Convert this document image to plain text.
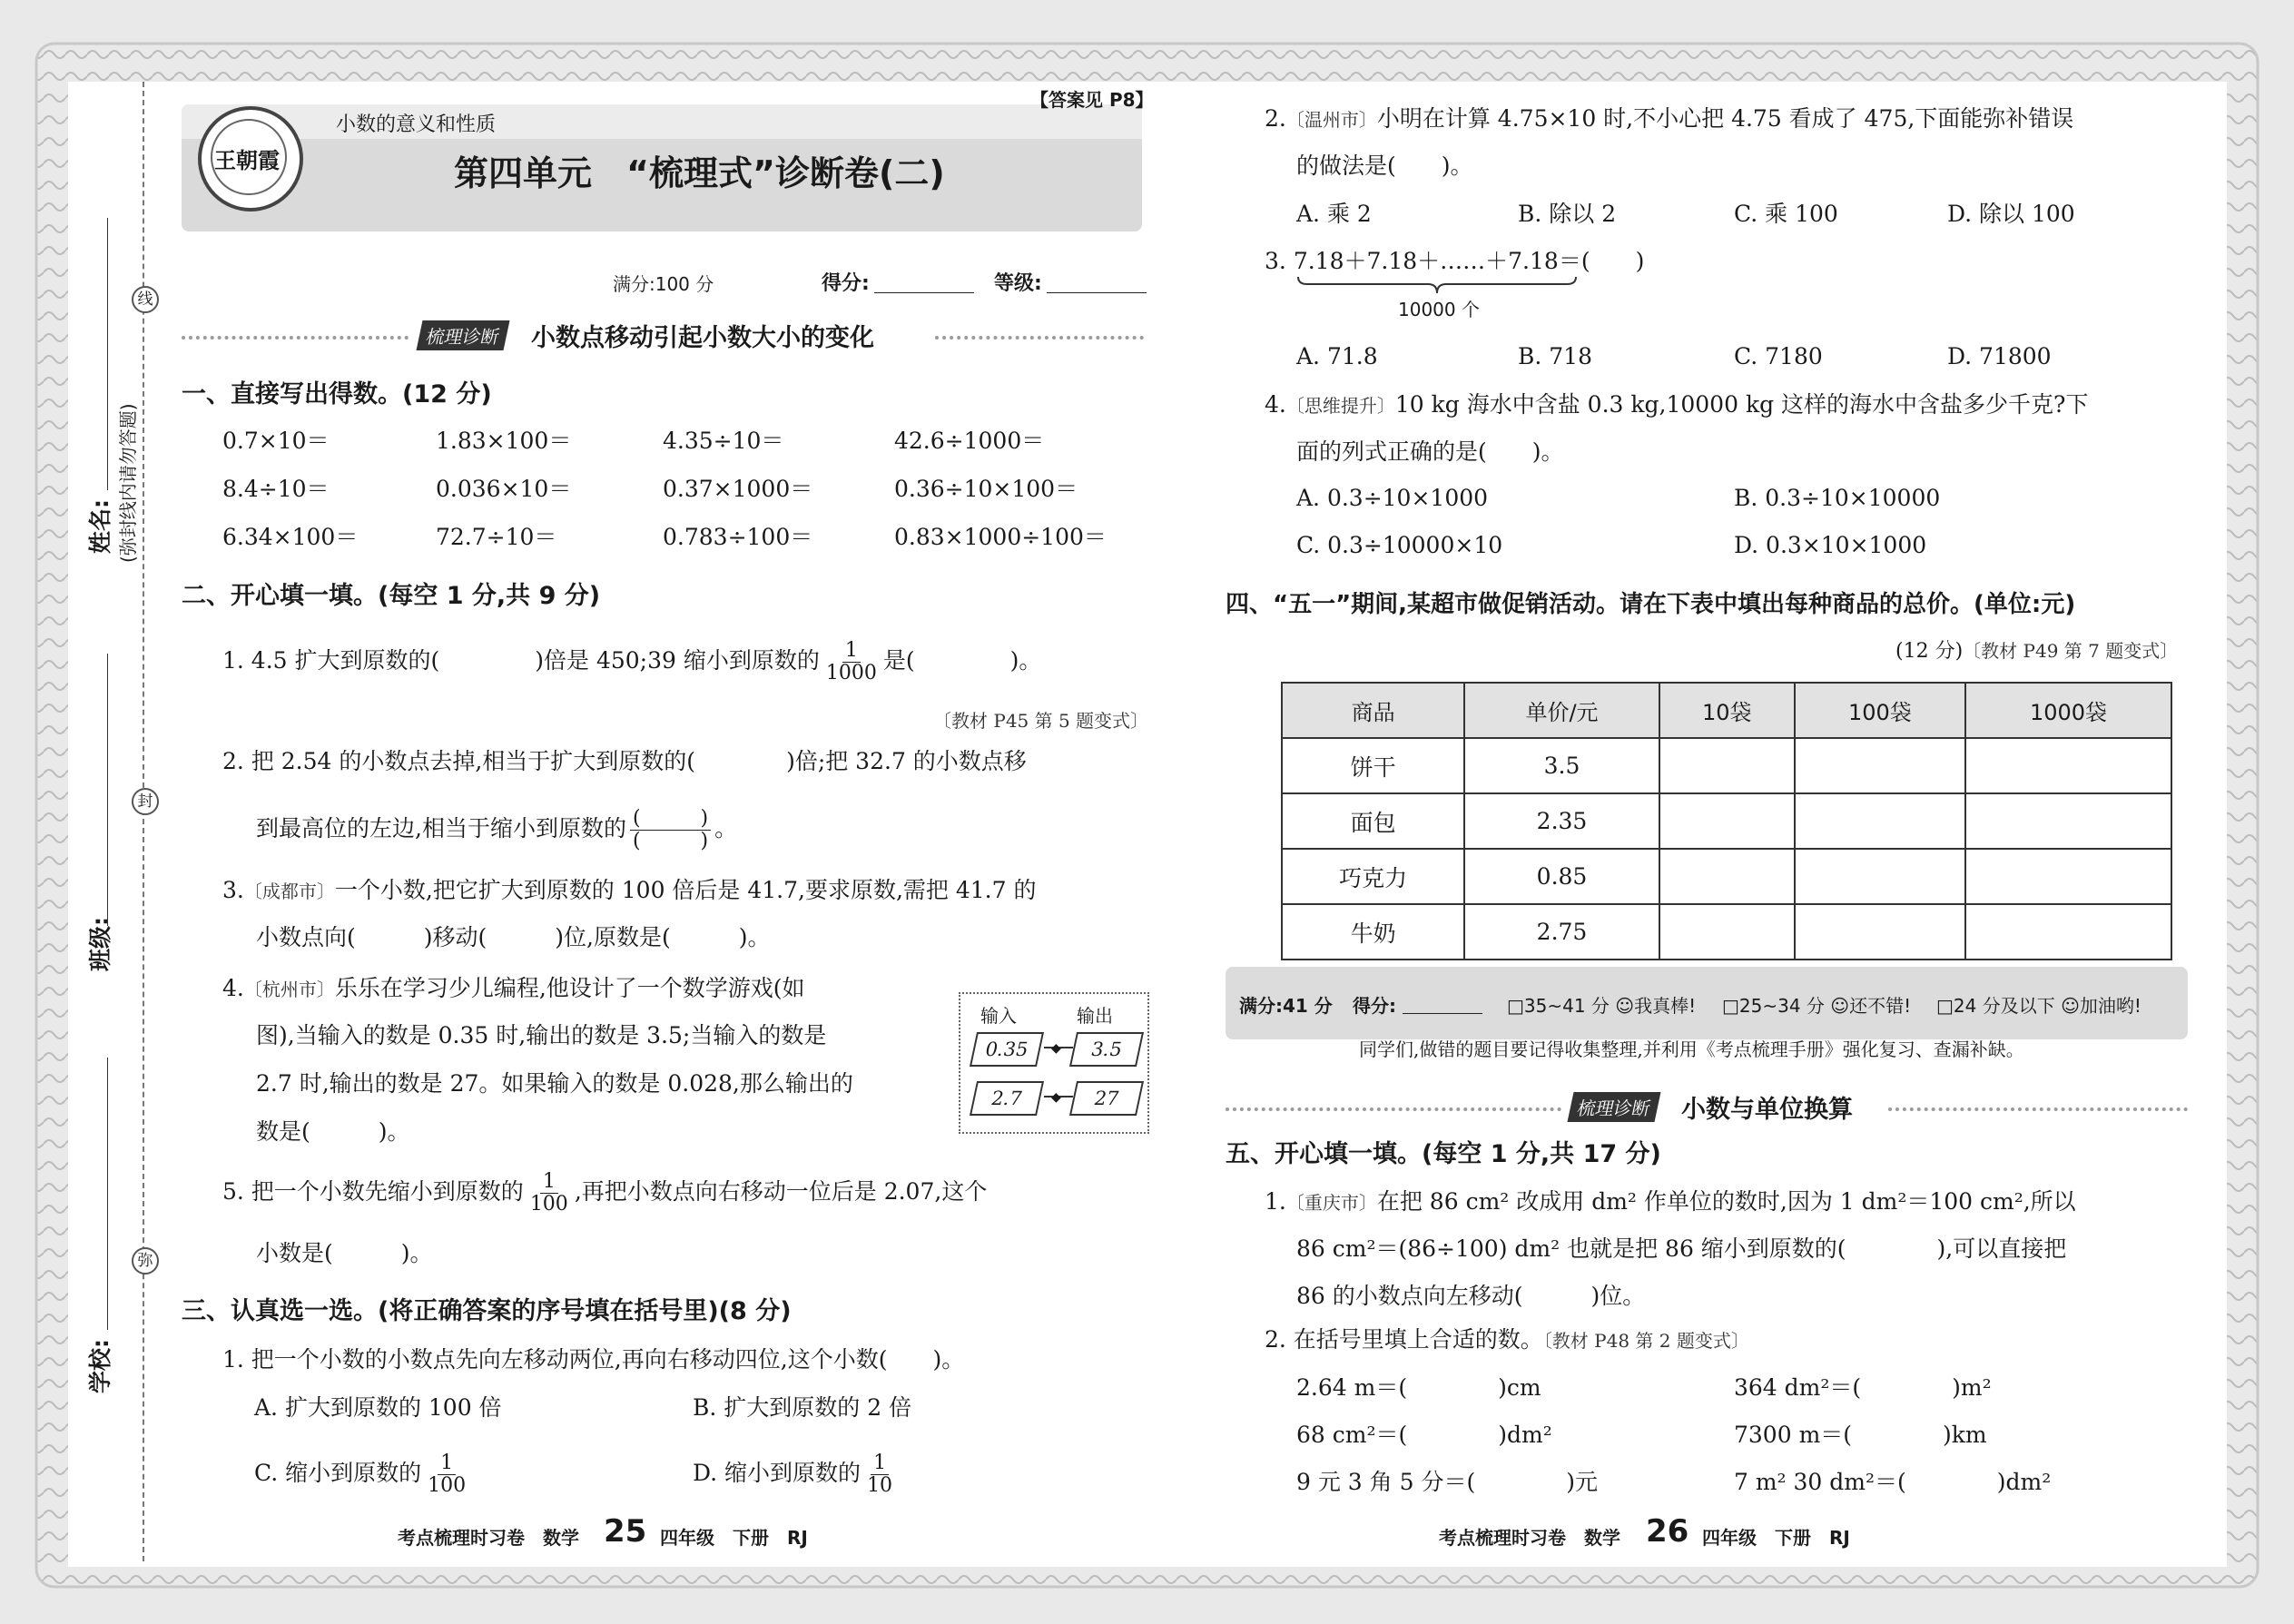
线
封
弥
(弥封线内请勿答题)
姓名:
班级:
学校:
王朝霞
小数的意义和性质
【答案见 P8】
第四单元　“梳理式”诊断卷(二)
满分:100 分	得分:	等级:
梳理诊断 小数点移动引起小数大小的变化
一、直接写出得数。(12 分)
0.7×10＝	1.83×100＝	4.35÷10＝	42.6÷1000＝
8.4÷10＝	0.036×10＝	0.37×1000＝	0.36÷10×100＝
6.34×100＝	72.7÷10＝	0.783÷100＝	0.83×1000÷100＝
二、开心填一填。(每空 1 分,共 9 分)
1. 4.5 扩大到原数的(	)倍是 450;39 缩小到原数的 $\frac{1}{1000}$ 是(	)。
〔教材 P45 第 5 题变式〕
2. 把 2.54 的小数点去掉,相当于扩大到原数的(	)倍;把 32.7 的小数点移
到最高位的左边,相当于缩小到原数的 $\frac{( )}{( )}$ 。
3.〔成都市〕一个小数,把它扩大到原数的 100 倍后是 41.7,要求原数,需把 41.7 的
小数点向(　　　)移动(　　　)位,原数是(　　　)。
4.〔杭州市〕乐乐在学习少儿编程,他设计了一个数学游戏(如
图),当输入的数是 0.35 时,输出的数是 3.5;当输入的数是
2.7 时,输出的数是 27。如果输入的数是 0.028,那么输出的
数是(　　　)。
输入	输出
0.35	◆	3.5
2.7	◆	27
5. 把一个小数先缩小到原数的 $\frac{1}{100}$ ,再把小数点向右移动一位后是 2.07,这个
小数是(　　　)。
三、认真选一选。(将正确答案的序号填在括号里)(8 分)
1. 把一个小数的小数点先向左移动两位,再向右移动四位,这个小数(　　)。
A. 扩大到原数的 100 倍	B. 扩大到原数的 2 倍
C. 缩小到原数的 $\frac{1}{100}$	D. 缩小到原数的 $\frac{1}{10}$
考点梳理时习卷　数学 25 四年级　下册　RJ
2.〔温州市〕小明在计算 4.75×10 时,不小心把 4.75 看成了 475,下面能弥补错误
的做法是(　　)。
A. 乘 2	B. 除以 2	C. 乘 100	D. 除以 100
3. 7.18＋7.18＋……＋7.18＝(　　)
10000 个
A. 71.8	B. 718	C. 7180	D. 71800
4.〔思维提升〕10 kg 海水中含盐 0.3 kg,10000 kg 这样的海水中含盐多少千克?下
面的列式正确的是(　　)。
A. 0.3÷10×1000	B. 0.3÷10×10000
C. 0.3÷10000×10	D. 0.3×10×1000
四、“五一”期间,某超市做促销活动。请在下表中填出每种商品的总价。(单位:元)
(12 分)〔教材 P49 第 7 题变式〕
商品	单价/元	10袋	100袋	1000袋
饼干	3.5			
面包	2.35			
巧克力	0.85			
牛奶	2.75			
满分:41 分 得分:	□35~41 分 ☺我真棒! □25~34 分 ☺还不错! □24 分及以下 ☺加油哟!
同学们,做错的题目要记得收集整理,并利用《考点梳理手册》强化复习、查漏补缺。
梳理诊断 小数与单位换算
五、开心填一填。(每空 1 分,共 17 分)
1.〔重庆市〕在把 86 cm² 改成用 dm² 作单位的数时,因为 1 dm²＝100 cm²,所以
86 cm²＝(86÷100) dm² 也就是把 86 缩小到原数的(　　　　),可以直接把
86 的小数点向左移动(　　　)位。
2. 在括号里填上合适的数。〔教材 P48 第 2 题变式〕
2.64 m＝(　　　　)cm	364 dm²＝(　　　　)m²
68 cm²＝(　　　　)dm²	7300 m＝(　　　　)km
9 元 3 角 5 分＝(　　　　)元	7 m² 30 dm²＝(　　　　)dm²
考点梳理时习卷　数学 26 四年级　下册　RJ
